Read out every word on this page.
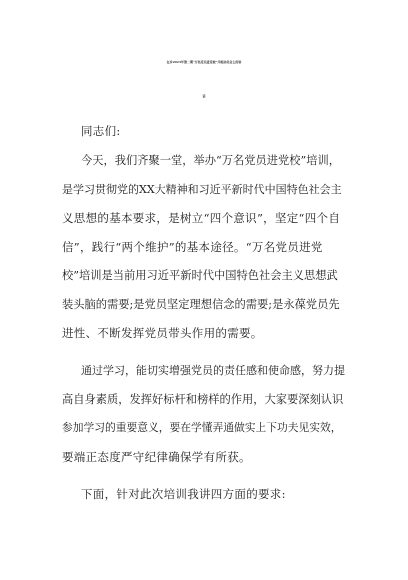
在乡2023年第二期“万名党员进党校”开班动员会上的讲
话
同志们:
今天，我们齐聚一堂，举办“万名党员进党校”培训，
是学习贯彻党的XX大精神和习近平新时代中国特色社会主
义思想的基本要求，是树立“四个意识”，坚定“四个自
信”，践行“两个维护”的基本途径。“万名党员进党
校”培训是当前用习近平新时代中国特色社会主义思想武
装头脑的需要;是党员坚定理想信念的需要;是永葆党员先
进性、不断发挥党员带头作用的需要。
通过学习，能切实增强党员的责任感和使命感，努力提
高自身素质，发挥好标杆和榜样的作用，大家要深刻认识
参加学习的重要意义，要在学懂弄通做实上下功夫见实效，
要端正态度严守纪律确保学有所获。
下面，针对此次培训我讲四方面的要求:
